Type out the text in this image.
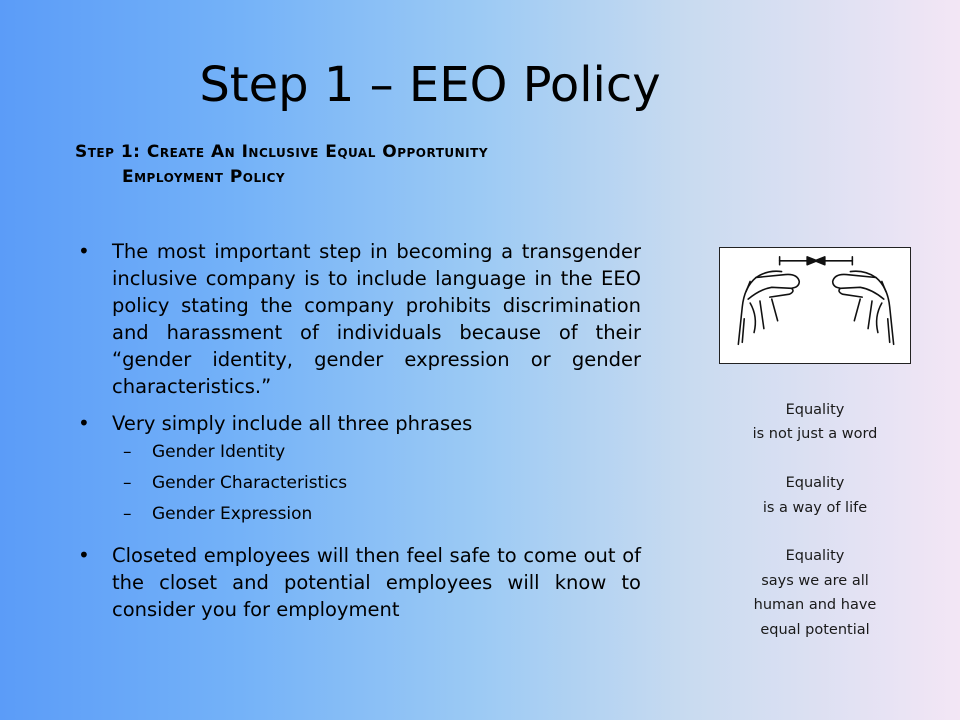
Step 1 – EEO Policy
Step 1: Create An Inclusive Equal Opportunity
Employment Policy
• The most important step in becoming a transgender inclusive company is to include language in the EEO policy stating the company prohibits discrimination and harassment of individuals because of their “gender identity, gender expression or gender characteristics.”
• Very simply include all three phrases
– Gender Identity
– Gender Characteristics
– Gender Expression
• Closeted employees will then feel safe to come out of the closet and potential employees will know to consider you for employment
Equality
is not just a word
Equality
is a way of life
Equality
says we are all
human and have
equal potential
